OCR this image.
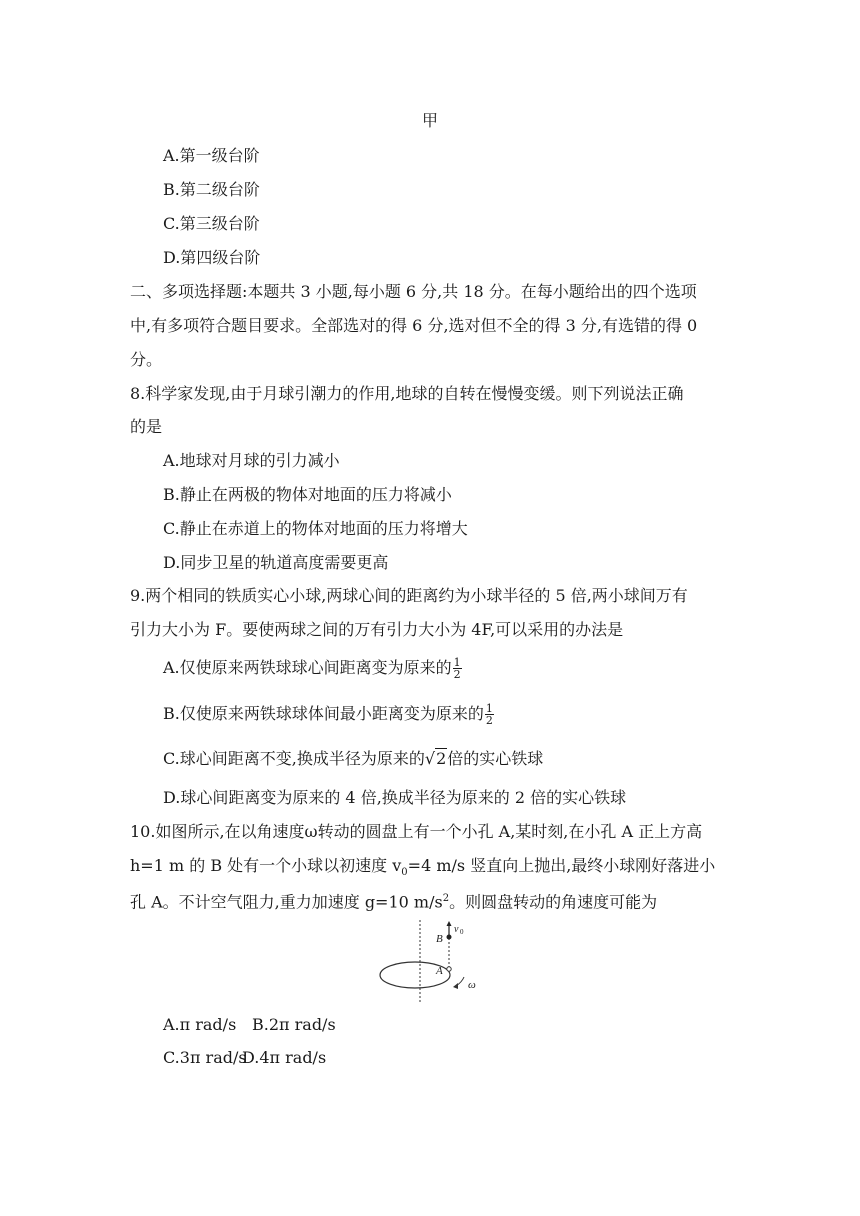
甲
A.第一级台阶
B.第二级台阶
C.第三级台阶
D.第四级台阶
二、多项选择题:本题共 3 小题,每小题 6 分,共 18 分。在每小题给出的四个选项
中,有多项符合题目要求。全部选对的得 6 分,选对但不全的得 3 分,有选错的得 0
分。
8.科学家发现,由于月球引潮力的作用,地球的自转在慢慢变缓。则下列说法正确
的是
A.地球对月球的引力减小
B.静止在两极的物体对地面的压力将减小
C.静止在赤道上的物体对地面的压力将增大
D.同步卫星的轨道高度需要更高
9.两个相同的铁质实心小球,两球心间的距离约为小球半径的 5 倍,两小球间万有
引力大小为 F。要使两球之间的万有引力大小为 4F,可以采用的办法是
A.仅使原来两铁球球心间距离变为原来的 $\frac{1}{2}$
B.仅使原来两铁球球体间最小距离变为原来的 $\frac{1}{2}$
C.球心间距离不变,换成半径为原来的√2倍的实心铁球
D.球心间距离变为原来的 4 倍,换成半径为原来的 2 倍的实心铁球
10.如图所示,在以角速度ω转动的圆盘上有一个小孔 A,某时刻,在小孔 A 正上方高
h=1 m 的 B 处有一个小球以初速度 $v_0=4$ m/s 竖直向上抛出,最终小球刚好落进小
孔 A。不计空气阻力,重力加速度 g=10 $m/s^2$。则圆盘转动的角速度可能为
B
v 0
A
ω
A.π rad/s B.2π rad/s
C.3π rad/s
D.4π rad/s
